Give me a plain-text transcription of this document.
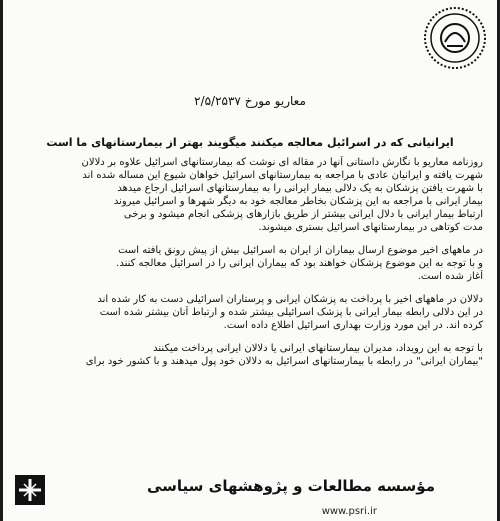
معاریو مورخ ۲/۵/۲۵۳۷
ایرانیانی که در اسرائیل معالجه میکنند میگویند بهتر از بیمارستانهای ما است
روزنامه معاریو با نگارش داستانی آنها در مقاله ای نوشت که بیمارستانهای اسرائیل علاوه بر دلالان
شهرت یافته و ایرانیان عادی با مراجعه به بیمارستانهای اسرائیل خواهان شیوع این مساله شده اند
با شهرت یافتن پزشکان به یک دلالی بیمار ایرانی را به بیمارستانهای اسرائیل ارجاع میدهد
بیمار ایرانی با مراجعه به این پزشکان بخاطر معالجه خود به دیگر شهرها و اسرائیل میروند
ارتباط بیمار ایرانی با دلال ایرانی بیشتر از طریق بازارهای پزشکی انجام میشود و برخی
مدت کوتاهی در بیمارستانهای اسرائیل بستری میشوند.
در ماههای اخیر موضوع ارسال بیماران از ایران به اسرائیل بیش از پیش رونق یافته است
و با توجه به این موضوع پزشکان خواهند بود که بیماران ایرانی را در اسرائیل معالجه کنند.
آغاز شده است.
دلالان در ماههای اخیر با پرداخت به پزشکان ایرانی و پرستاران اسرائیلی دست به کار شده اند
در این دلالی رابطه بیمار ایرانی با پزشک اسرائیلی بیشتر شده و ارتباط آنان بیشتر شده است
کرده اند. در این مورد وزارت بهداری اسرائیل اطلاع داده است.
با توجه به این رویداد، مدیران بیمارستانهای ایرانی یا دلالان ایرانی پرداخت میکنند
"بیماران ایرانی" در رابطه با بیمارستانهای اسرائیل به دلالان خود پول میدهند و با کشور خود برای
مؤسسه مطالعات و پژوهشهای سیاسی
www.psri.ir
